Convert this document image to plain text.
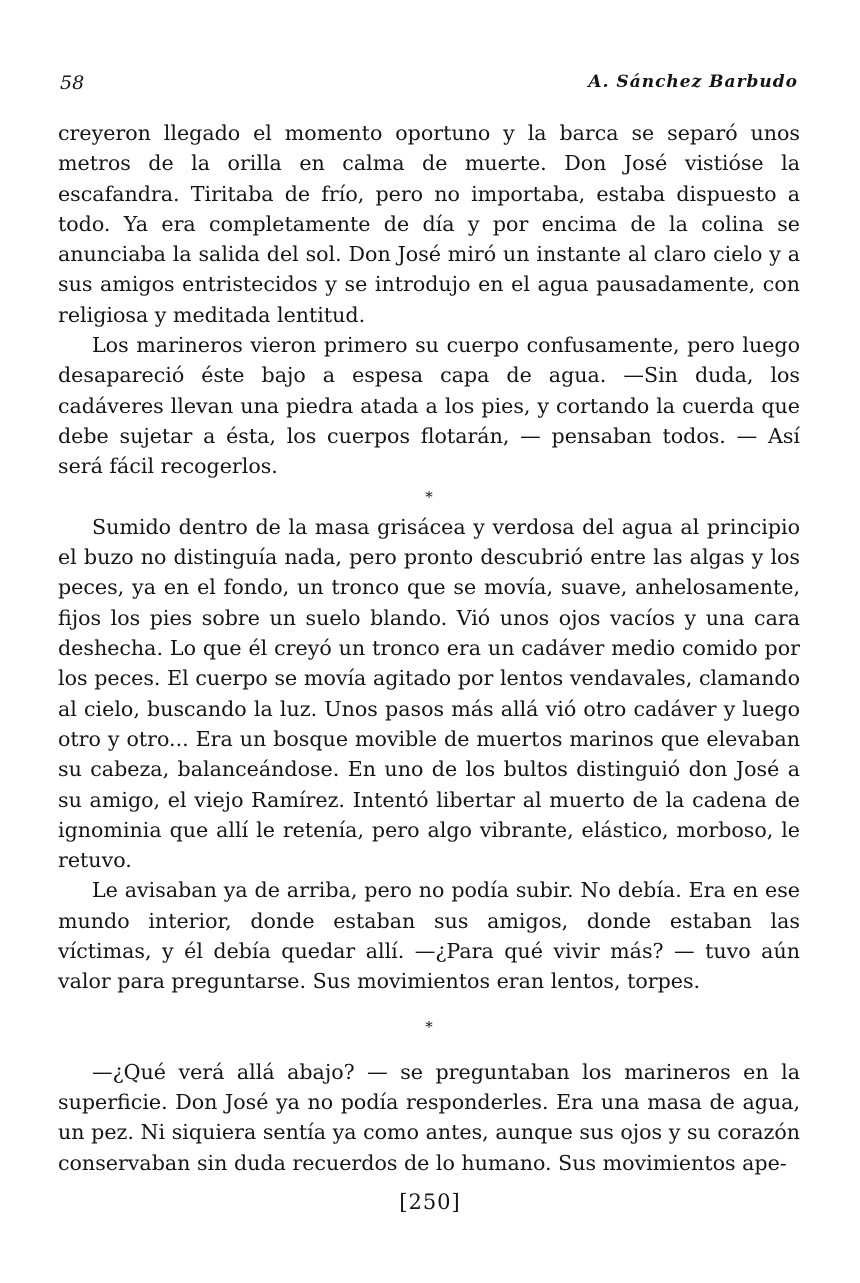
58	A. Sánchez Barbudo

creyeron llegado el momento oportuno y la barca se separó unos metros de la orilla en calma de muerte. Don José vistióse la escafandra. Tiritaba de frío, pero no importaba, estaba dispuesto a todo. Ya era completamente de día y por encima de la colina se anunciaba la salida del sol. Don José miró un instante al claro cielo y a sus amigos entristecidos y se introdujo en el agua pausadamente, con religiosa y meditada lentitud.

Los marineros vieron primero su cuerpo confusamente, pero luego desapareció éste bajo a espesa capa de agua. —Sin duda, los cadáveres llevan una piedra atada a los pies, y cortando la cuerda que debe sujetar a ésta, los cuerpos flotarán, — pensaban todos. — Así será fácil recogerlos.

*

Sumido dentro de la masa grisácea y verdosa del agua al principio el buzo no distinguía nada, pero pronto descubrió entre las algas y los peces, ya en el fondo, un tronco que se movía, suave, anhelosamente, fijos los pies sobre un suelo blando. Vió unos ojos vacíos y una cara deshecha. Lo que él creyó un tronco era un cadáver medio comido por los peces. El cuerpo se movía agitado por lentos vendavales, clamando al cielo, buscando la luz. Unos pasos más allá vió otro cadáver y luego otro y otro... Era un bosque movible de muertos marinos que elevaban su cabeza, balanceándose. En uno de los bultos distinguió don José a su amigo, el viejo Ramírez. Intentó libertar al muerto de la cadena de ignominia que allí le retenía, pero algo vibrante, elástico, morboso, le retuvo.

Le avisaban ya de arriba, pero no podía subir. No debía. Era en ese mundo interior, donde estaban sus amigos, donde estaban las víctimas, y él debía quedar allí. —¿Para qué vivir más? — tuvo aún valor para preguntarse. Sus movimientos eran lentos, torpes.

*

—¿Qué verá allá abajo? — se preguntaban los marineros en la superficie. Don José ya no podía responderles. Era una masa de agua, un pez. Ni siquiera sentía ya como antes, aunque sus ojos y su corazón conservaban sin duda recuerdos de lo humano. Sus movimientos ape-

[250]
